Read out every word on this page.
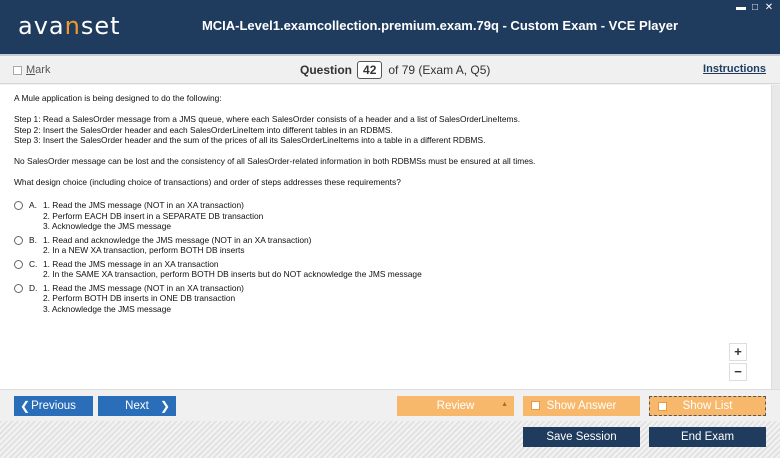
avanset	MCIA-Level1.examcollection.premium.exam.79q - Custom Exam - VCE Player
▬ □ ✕
Mark	Question 42	of 79 (Exam A, Q5)	Instructions

A Mule application is being designed to do the following:

Step 1: Read a SalesOrder message from a JMS queue, where each SalesOrder consists of a header and a list of SalesOrderLineItems.
Step 2: Insert the SalesOrder header and each SalesOrderLineItem into different tables in an RDBMS.

Step 3: Insert the SalesOrder header and the sum of the prices of all its SalesOrderLineItems into a table in a different RDBMS.

No SalesOrder message can be lost and the consistency of all SalesOrder-related information in both RDBMSs must be ensured at all times.

What design choice (including choice of transactions) and order of steps addresses these requirements?

A. 1. Read the JMS message (NOT in an XA transaction)
2. Perform EACH DB insert in a SEPARATE DB transaction
3. Acknowledge the JMS message
B. 1. Read and acknowledge the JMS message (NOT in an XA transaction)
2. In a NEW XA transaction, perform BOTH DB inserts
C. 1. Read the JMS message in an XA transaction
2. In the SAME XA transaction, perform BOTH DB inserts but do NOT acknowledge the JMS message
D. 1. Read the JMS message (NOT in an XA transaction)
2. Perform BOTH DB inserts in ONE DB transaction
3. Acknowledge the JMS message
+
−
❮ Previous	Next ❯	Review	▲	Show Answer	Show List
Save Session	End Exam
